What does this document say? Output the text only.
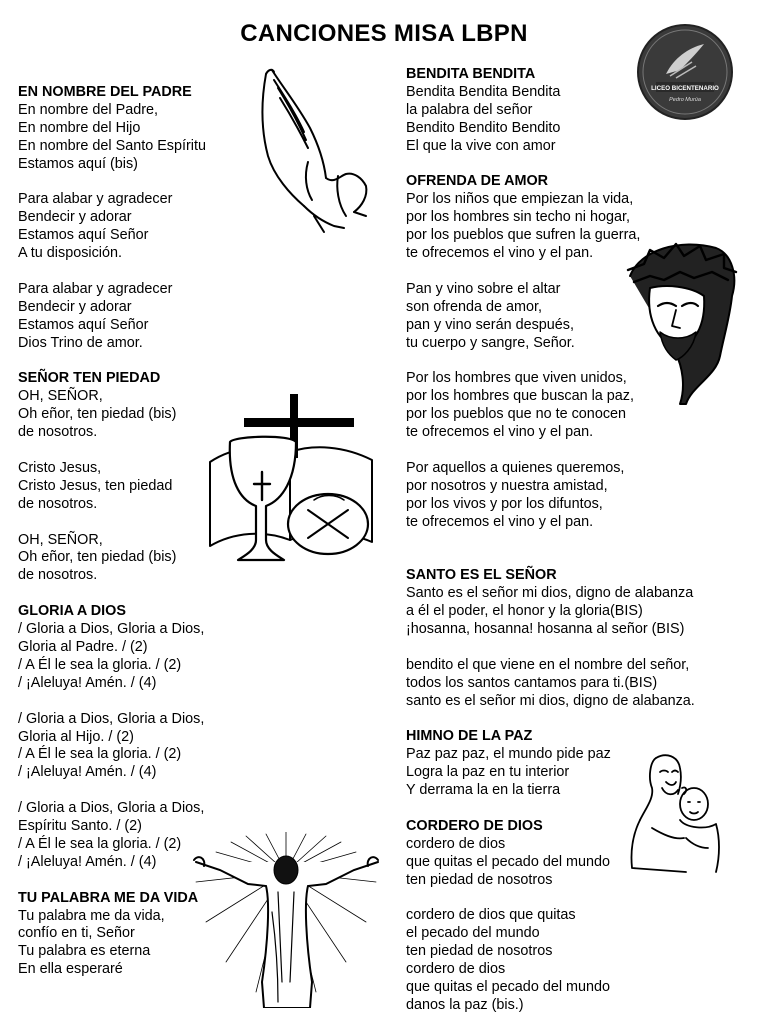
CANCIONES MISA LBPN
LICEO BICENTENARIO
Pedro Murúa
EN NOMBRE DEL PADRE
En nombre del Padre,
En nombre del Hijo
En nombre del Santo Espíritu
Estamos aquí (bis)
Para alabar y agradecer
Bendecir y adorar
Estamos aquí Señor
A tu disposición.
Para alabar y agradecer
Bendecir y adorar
Estamos aquí Señor
Dios Trino de amor.
SEÑOR TEN PIEDAD
OH, SEÑOR,
Oh eñor, ten piedad (bis)
de nosotros.
Cristo Jesus,
Cristo Jesus, ten piedad
de nosotros.
OH, SEÑOR,
Oh eñor, ten piedad (bis)
de nosotros.
GLORIA A DIOS
/ Gloria a Dios, Gloria a Dios,
Gloria al Padre. / (2)
/ A Él le sea la gloria. / (2)
/ ¡Aleluya! Amén. / (4)
/ Gloria a Dios, Gloria a Dios,
Gloria al Hijo. / (2)
/ A Él le sea la gloria. / (2)
/ ¡Aleluya! Amén. / (4)
/ Gloria a Dios, Gloria a Dios,
Espíritu Santo. / (2)
/ A Él le sea la gloria. / (2)
/ ¡Aleluya! Amén. / (4)
TU PALABRA ME DA VIDA
Tu palabra me da vida,
confío en ti, Señor
Tu palabra es eterna
En ella esperaré
BENDITA BENDITA
Bendita Bendita Bendita
la palabra del señor
Bendito Bendito Bendito
El que la vive con amor
OFRENDA DE AMOR
Por los niños que empiezan la vida,
por los hombres sin techo ni hogar,
por los pueblos que sufren la guerra,
te ofrecemos el vino y el pan.
Pan y vino sobre el altar
son ofrenda de amor,
pan y vino serán después,
tu cuerpo y sangre, Señor.
Por los hombres que viven unidos,
por los hombres que buscan la paz,
por los pueblos que no te conocen
te ofrecemos el vino y el pan.
Por aquellos a quienes queremos,
por nosotros y nuestra amistad,
por los vivos y por los difuntos,
te ofrecemos el vino y el pan.
SANTO ES EL SEÑOR
Santo es el señor mi dios, digno de alabanza
a él el poder, el honor y la gloria(BIS)
¡hosanna, hosanna! hosanna al señor (BIS)
bendito el que viene en el nombre del señor,
todos los santos cantamos para ti.(BIS)
santo es el señor mi dios, digno de alabanza.
HIMNO DE LA PAZ
Paz paz paz, el mundo pide paz
Logra la paz en tu interior
Y derrama la en la tierra
CORDERO DE DIOS
cordero de dios
que quitas el pecado del mundo
ten piedad de nosotros
cordero de dios que quitas
el pecado del mundo
ten piedad de nosotros
cordero de dios
que quitas el pecado del mundo
danos la paz (bis.)
